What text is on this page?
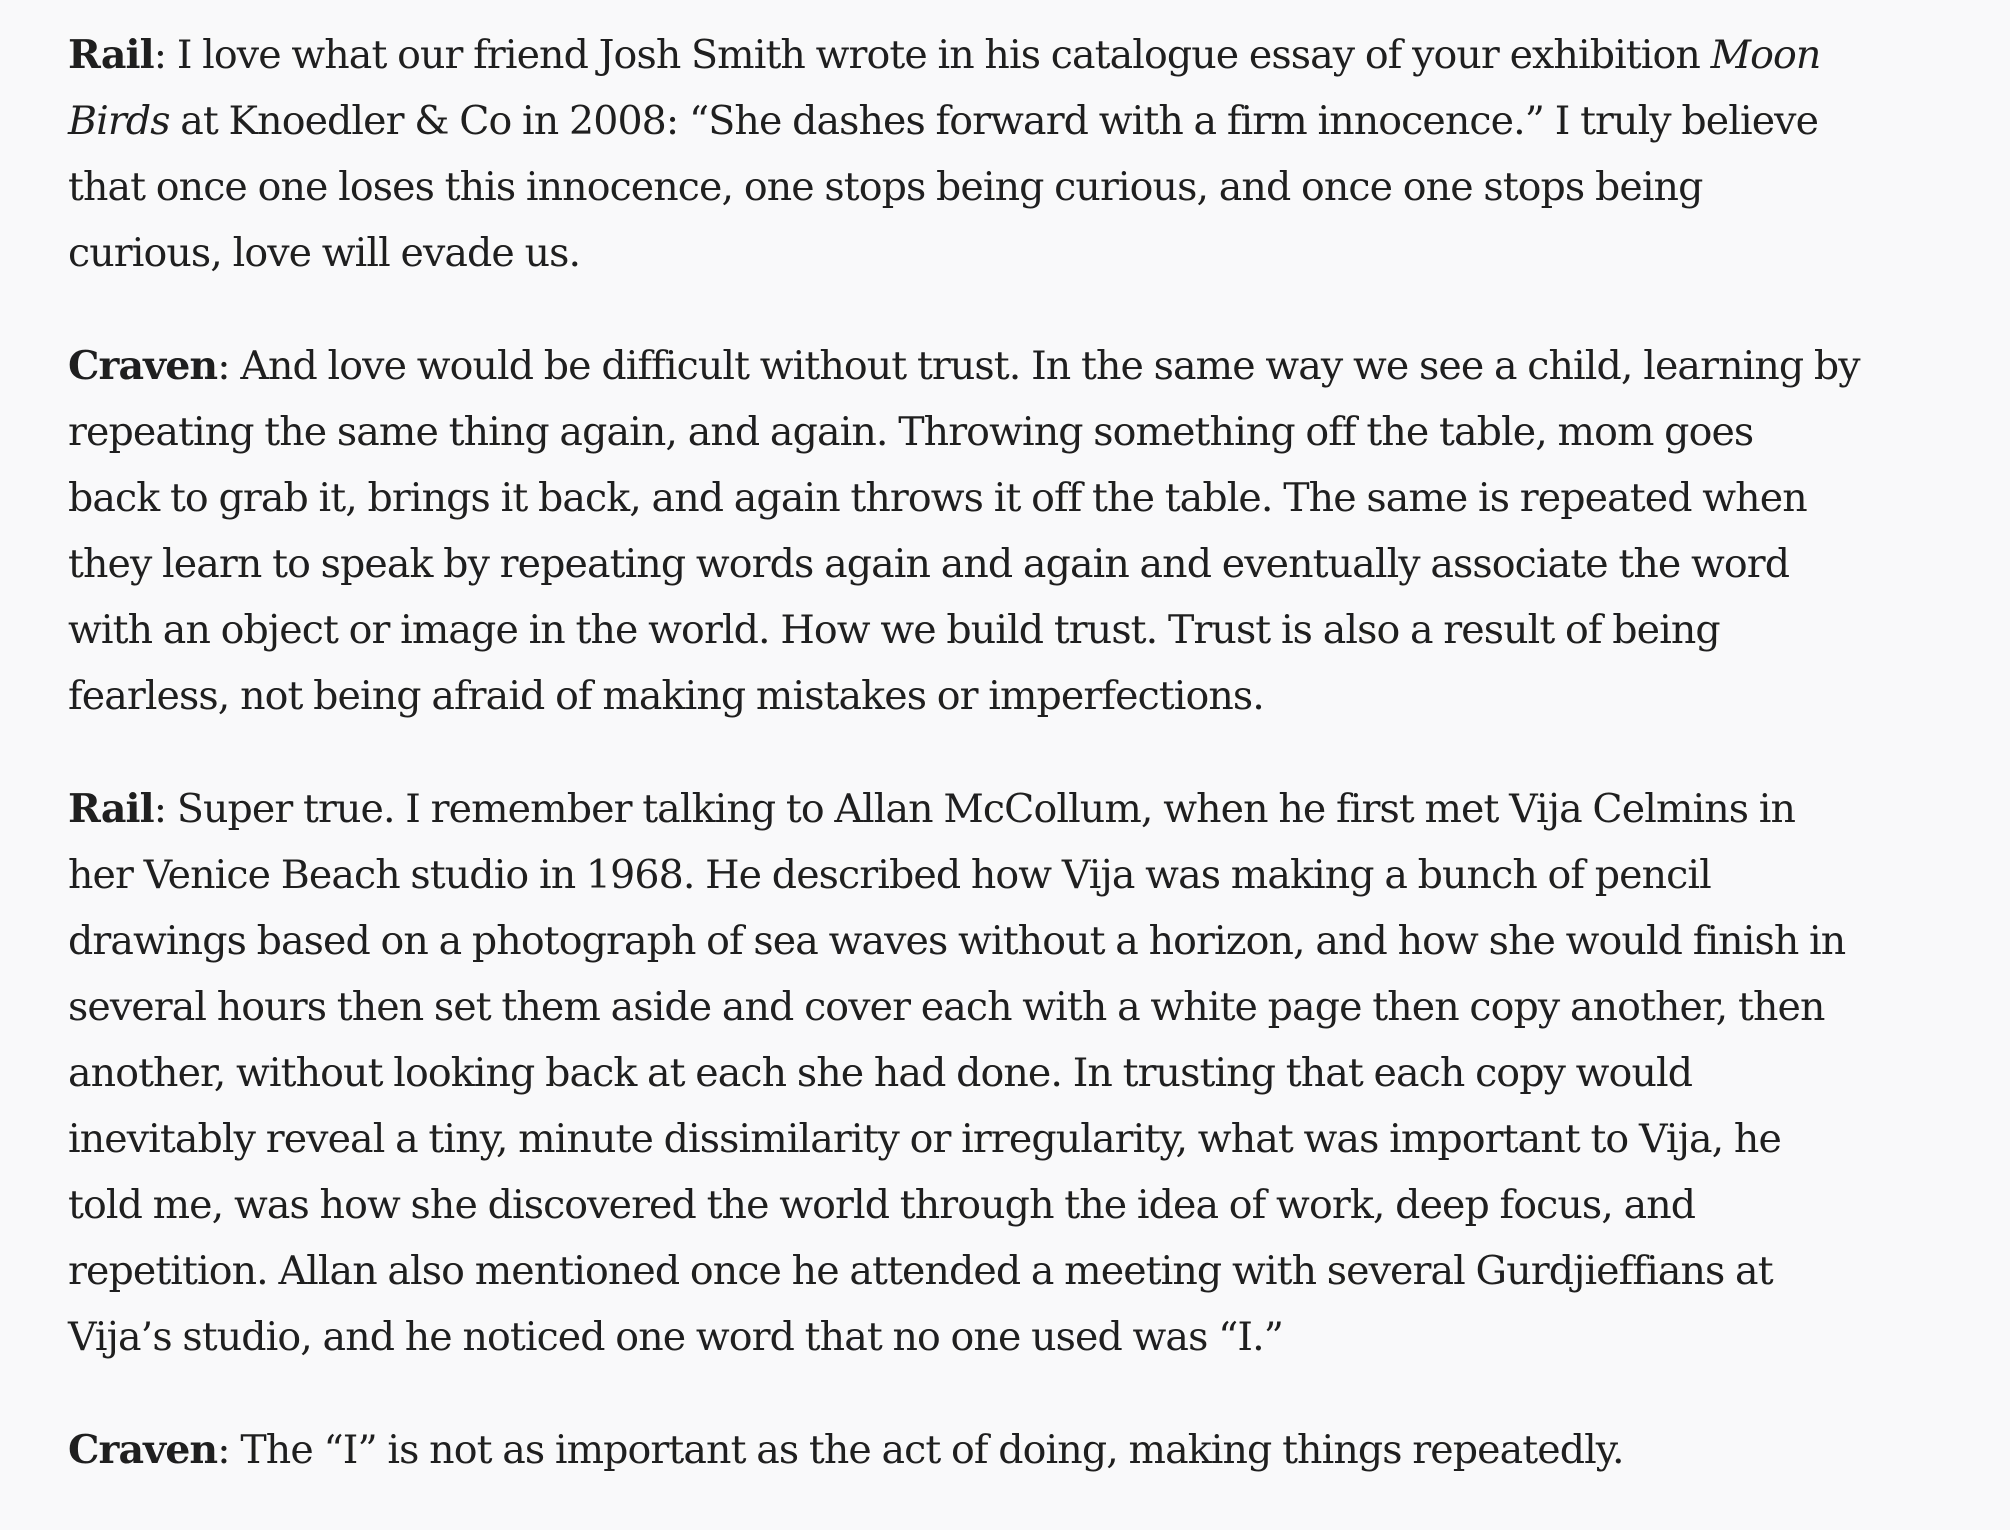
Rail: I love what our friend Josh Smith wrote in his catalogue essay of your exhibition Moon
Birds at Knoedler & Co in 2008: “She dashes forward with a firm innocence.” I truly believe
that once one loses this innocence, one stops being curious, and once one stops being
curious, love will evade us.

Craven: And love would be difficult without trust. In the same way we see a child, learning by
repeating the same thing again, and again. Throwing something off the table, mom goes
back to grab it, brings it back, and again throws it off the table. The same is repeated when
they learn to speak by repeating words again and again and eventually associate the word
with an object or image in the world. How we build trust. Trust is also a result of being
fearless, not being afraid of making mistakes or imperfections.

Rail: Super true. I remember talking to Allan McCollum, when he first met Vija Celmins in
her Venice Beach studio in 1968. He described how Vija was making a bunch of pencil
drawings based on a photograph of sea waves without a horizon, and how she would finish in
several hours then set them aside and cover each with a white page then copy another, then
another, without looking back at each she had done. In trusting that each copy would
inevitably reveal a tiny, minute dissimilarity or irregularity, what was important to Vija, he
told me, was how she discovered the world through the idea of work, deep focus, and
repetition. Allan also mentioned once he attended a meeting with several Gurdjieffians at
Vija’s studio, and he noticed one word that no one used was “I.”

Craven: The “I” is not as important as the act of doing, making things repeatedly.
